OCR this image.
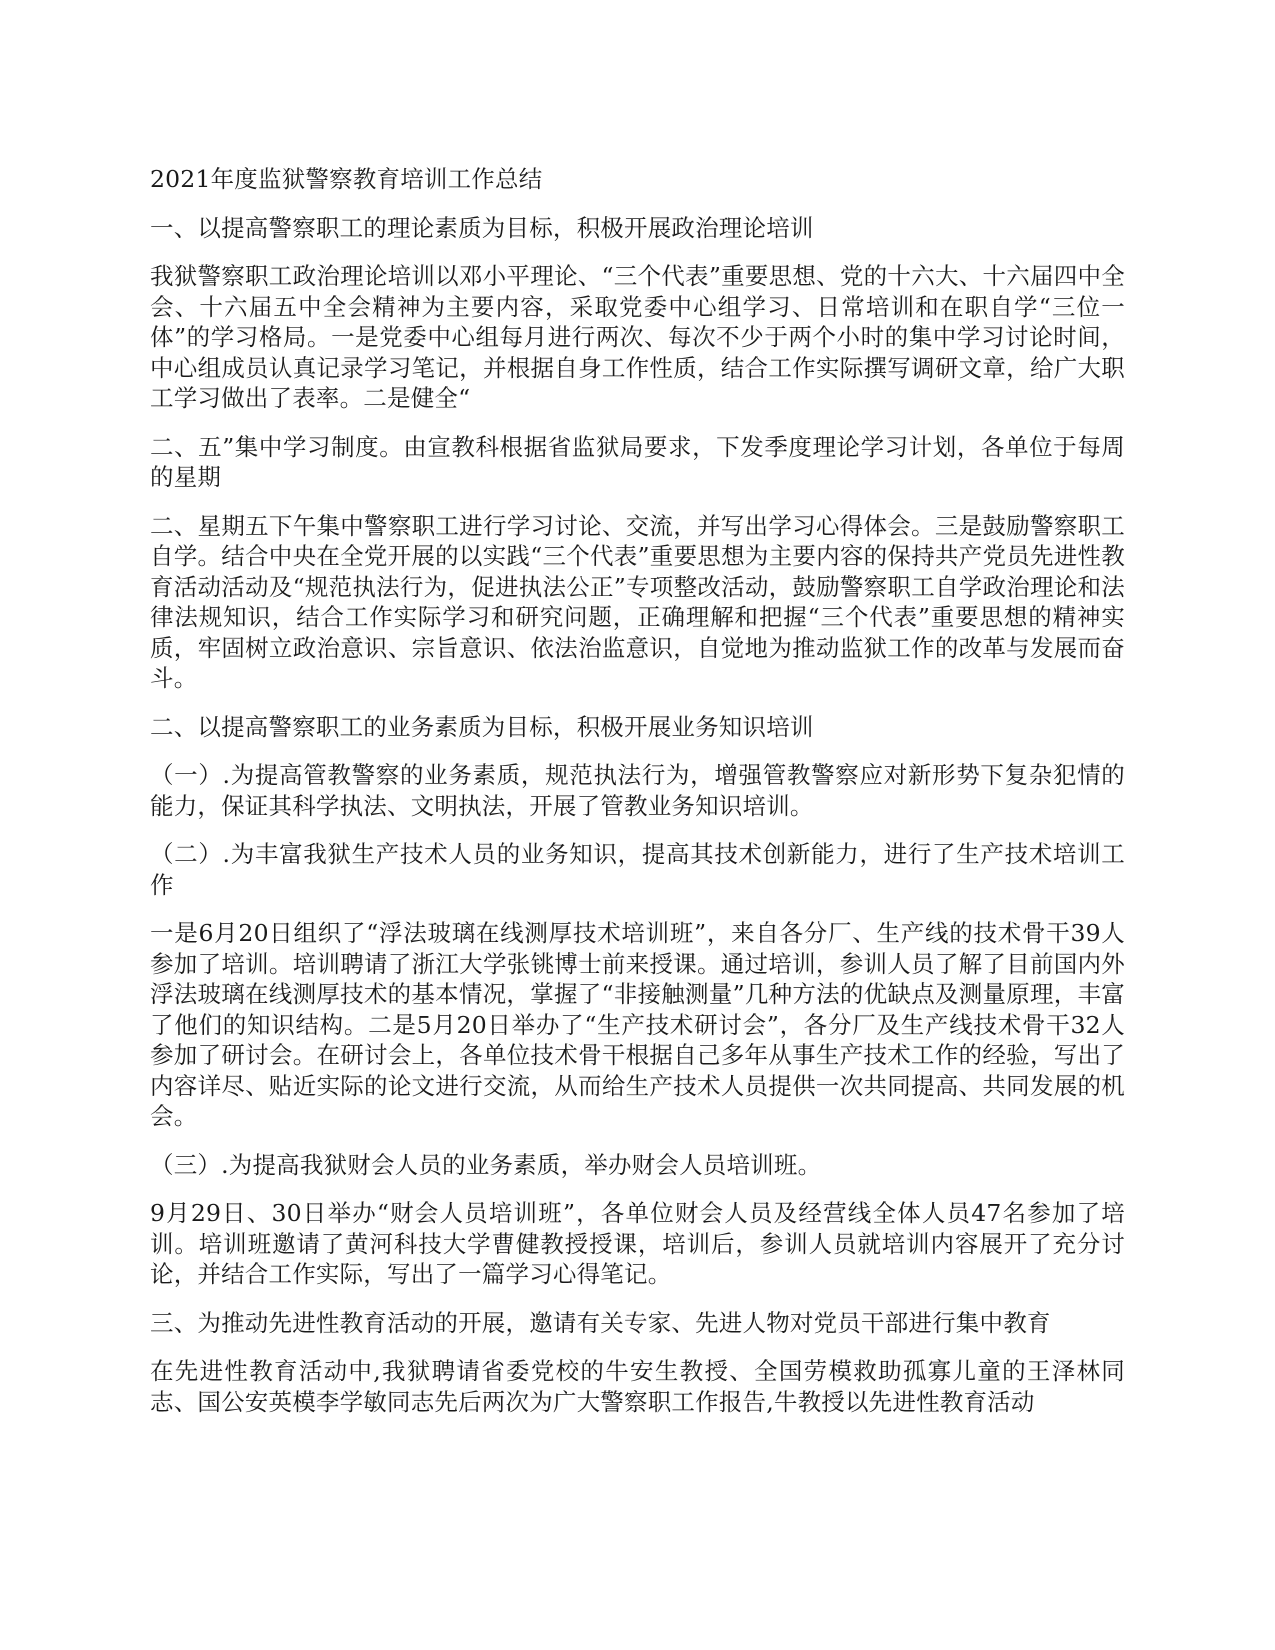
2021年度监狱警察教育培训工作总结
一、以提高警察职工的理论素质为目标，积极开展政治理论培训
我狱警察职工政治理论培训以邓小平理论、“三个代表”重要思想、党的十六大、十六届四中全会、十六届五中全会精神为主要内容，采取党委中心组学习、日常培训和在职自学“三位一体”的学习格局。一是党委中心组每月进行两次、每次不少于两个小时的集中学习讨论时间，中心组成员认真记录学习笔记，并根据自身工作性质，结合工作实际撰写调研文章，给广大职工学习做出了表率。二是健全“
二、五”集中学习制度。由宣教科根据省监狱局要求，下发季度理论学习计划，各单位于每周的星期
二、星期五下午集中警察职工进行学习讨论、交流，并写出学习心得体会。三是鼓励警察职工自学。结合中央在全党开展的以实践“三个代表”重要思想为主要内容的保持共产党员先进性教育活动活动及“规范执法行为，促进执法公正”专项整改活动，鼓励警察职工自学政治理论和法律法规知识，结合工作实际学习和研究问题，正确理解和把握“三个代表”重要思想的精神实质，牢固树立政治意识、宗旨意识、依法治监意识，自觉地为推动监狱工作的改革与发展而奋斗。
二、以提高警察职工的业务素质为目标，积极开展业务知识培训
（一）.为提高管教警察的业务素质，规范执法行为，增强管教警察应对新形势下复杂犯情的能力，保证其科学执法、文明执法，开展了管教业务知识培训。
（二）.为丰富我狱生产技术人员的业务知识，提高其技术创新能力，进行了生产技术培训工作
一是6月20日组织了“浮法玻璃在线测厚技术培训班”，来自各分厂、生产线的技术骨干39人参加了培训。培训聘请了浙江大学张铫博士前来授课。通过培训，参训人员了解了目前国内外浮法玻璃在线测厚技术的基本情况，掌握了“非接触测量”几种方法的优缺点及测量原理，丰富了他们的知识结构。二是5月20日举办了“生产技术研讨会”，各分厂及生产线技术骨干32人参加了研讨会。在研讨会上，各单位技术骨干根据自己多年从事生产技术工作的经验，写出了内容详尽、贴近实际的论文进行交流，从而给生产技术人员提供一次共同提高、共同发展的机会。
（三）.为提高我狱财会人员的业务素质，举办财会人员培训班。
9月29日、30日举办“财会人员培训班”，各单位财会人员及经营线全体人员47名参加了培训。培训班邀请了黄河科技大学曹健教授授课，培训后，参训人员就培训内容展开了充分讨论，并结合工作实际，写出了一篇学习心得笔记。
三、为推动先进性教育活动的开展，邀请有关专家、先进人物对党员干部进行集中教育
在先进性教育活动中,我狱聘请省委党校的牛安生教授、全国劳模救助孤寡儿童的王泽林同志、国公安英模李学敏同志先后两次为广大警察职工作报告,牛教授以先进性教育活动
